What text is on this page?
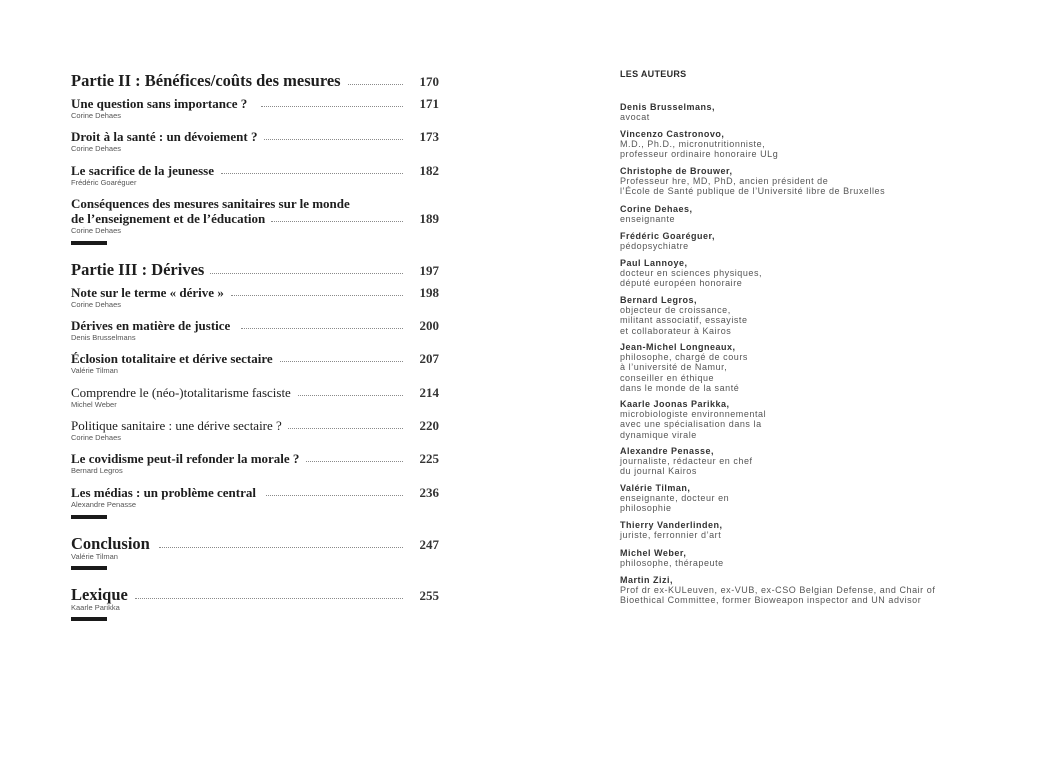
Partie II : Bénéfices/coûts des mesures	170
Une question sans importance ?	171
Corine Dehaes
Droit à la santé : un dévoiement ?	173
Corine Dehaes
Le sacrifice de la jeunesse	182
Frédéric Goaréguer
Conséquences des mesures sanitaires sur le monde
de l’enseignement et de l’éducation	189
Corine Dehaes
Partie III : Dérives	197
Note sur le terme « dérive »	198
Corine Dehaes
Dérives en matière de justice	200
Denis Brusselmans
Éclosion totalitaire et dérive sectaire	207
Valérie Tilman
Comprendre le (néo-)totalitarisme fasciste	214
Michel Weber
Politique sanitaire : une dérive sectaire ?	220
Corine Dehaes
Le covidisme peut-il refonder la morale ?	225
Bernard Legros
Les médias : un problème central	236
Alexandre Penasse
Conclusion	247
Valérie Tilman
Lexique	255
Kaarle Parikka
LES AUTEURS
Denis Brusselmans,
avocat
Vincenzo Castronovo,
M.D., Ph.D., micronutritionniste,
professeur ordinaire honoraire ULg
Christophe de Brouwer,
Professeur hre, MD, PhD, ancien président de
l’École de Santé publique de l’Université libre de Bruxelles
Corine Dehaes,
enseignante
Frédéric Goaréguer,
pédopsychiatre
Paul Lannoye,
docteur en sciences physiques,
député européen honoraire
Bernard Legros,
objecteur de croissance,
militant associatif, essayiste
et collaborateur à Kairos
Jean-Michel Longneaux,
philosophe, chargé de cours
à l’université de Namur,
conseiller en éthique
dans le monde de la santé
Kaarle Joonas Parikka,
microbiologiste environnemental
avec une spécialisation dans la
dynamique virale
Alexandre Penasse,
journaliste, rédacteur en chef
du journal Kairos
Valérie Tilman,
enseignante, docteur en
philosophie
Thierry Vanderlinden,
juriste, ferronnier d’art
Michel Weber,
philosophe, thérapeute
Martin Zizi,
Prof dr ex-KULeuven, ex-VUB, ex-CSO Belgian Defense, and Chair of
Bioethical Committee, former Bioweapon inspector and UN advisor
